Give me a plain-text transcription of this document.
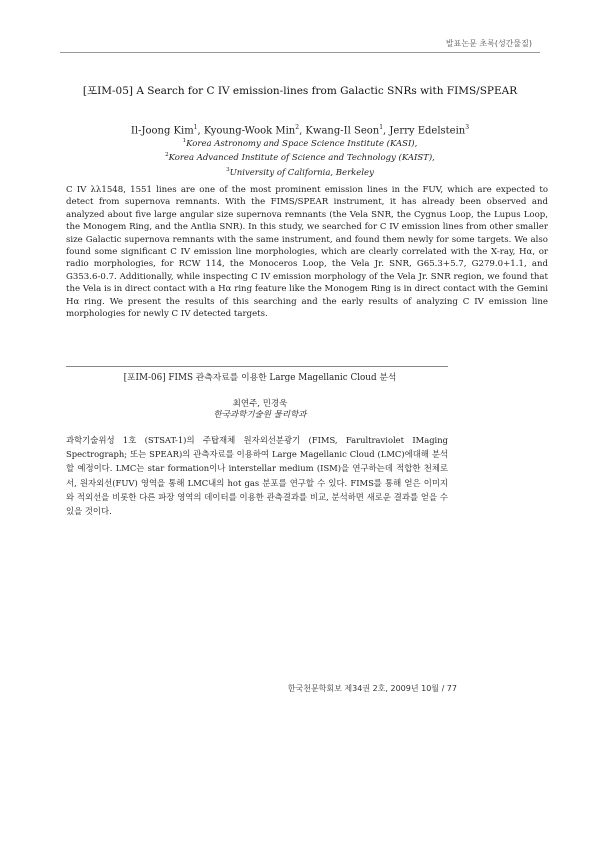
발표논문 초록(성간물질)
[포IM-05] A Search for C IV emission-lines from Galactic SNRs with FIMS/SPEAR
Il-Joong Kim$^1$, Kyoung-Wook Min$^2$, Kwang-Il Seon$^1$, Jerry Edelstein$^3$
$^1$Korea Astronomy and Space Science Institute (KASI),
$^2$Korea Advanced Institute of Science and Technology (KAIST),
$^3$University of California, Berkeley

C IV λλ1548, 1551 lines are one of the most prominent emission lines in the FUV, which are expected to detect from supernova remnants. With the FIMS/SPEAR instrument, it has already been observed and analyzed about five large angular size supernova remnants (the Vela SNR, the Cygnus Loop, the Lupus Loop, the Monogem Ring, and the Antlia SNR). In this study, we searched for C IV emission lines from other smaller size Galactic supernova remnants with the same instrument, and found them newly for some targets. We also found some significant C IV emission line morphologies, which are clearly correlated with the X-ray, Hα, or radio morphologies, for RCW 114, the Monoceros Loop, the Vela Jr. SNR, G65.3+5.7, G279.0+1.1, and G353.6-0.7. Additionally, while inspecting C IV emission morphology of the Vela Jr. SNR region, we found that the Vela is in direct contact with a Hα ring feature like the Monogem Ring is in direct contact with the Gemini Hα ring. We present the results of this searching and the early results of analyzing C IV emission line morphologies for newly C IV detected targets.

[포IM-06] FIMS 관측자료를 이용한 Large Magellanic Cloud 분석
최연주, 민경욱
한국과학기술원 물리학과

과학기술위성 1호 (STSAT-1)의 주탑재체 원자외선분광기 (FIMS, Farultraviolet IMaging Spectrograph; 또는 SPEAR)의 관측자료를 이용하여 Large Magellanic Cloud (LMC)에대해 분석할 예정이다. LMC는 star formation이나 interstellar medium (ISM)을 연구하는데 적합한 천체로서, 원자외선(FUV) 영역을 통해 LMC내의 hot gas 분포를 연구할 수 있다. FIMS를 통해 얻은 이미지와 적외선을 비롯한 다른 파장 영역의 데이터를 이용한 관측결과를 비교, 분석하면 새로운 결과를 얻을 수 있을 것이다.

한국천문학회보 제34권 2호, 2009년 10월 / 77
